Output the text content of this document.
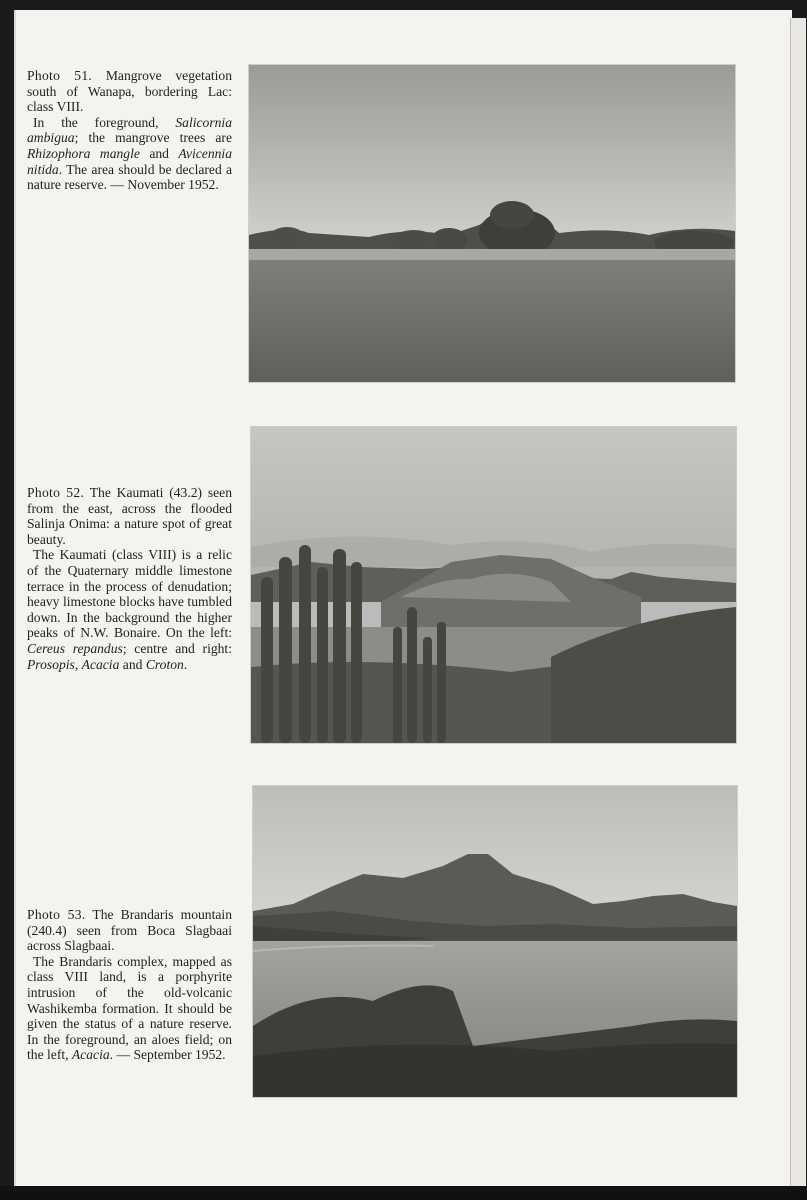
Photo 51. Mangrove vegetation south of Wanapa, bordering Lac: class VIII.

In the foreground, Salicornia ambigua; the mangrove trees are Rhizophora mangle and Avicennia nitida. The area should be declared a nature reserve. — November 1952.

Photo 52. The Kaumati (43.2) seen from the east, across the flooded Salinja Onima: a nature spot of great beauty.

The Kaumati (class VIII) is a relic of the Quaternary middle limestone terrace in the process of denudation; heavy limestone blocks have tumbled down. In the background the higher peaks of N.W. Bonaire. On the left: Cereus repandus; centre and right: Prosopis, Acacia and Croton.

Photo 53. The Brandaris mountain (240.4) seen from Boca Slagbaai across Slagbaai.

The Brandaris complex, mapped as class VIII land, is a porphyrite intrusion of the old-volcanic Washikemba formation. It should be given the status of a nature reserve. In the foreground, an aloes field; on the left, Acacia. — September 1952.
